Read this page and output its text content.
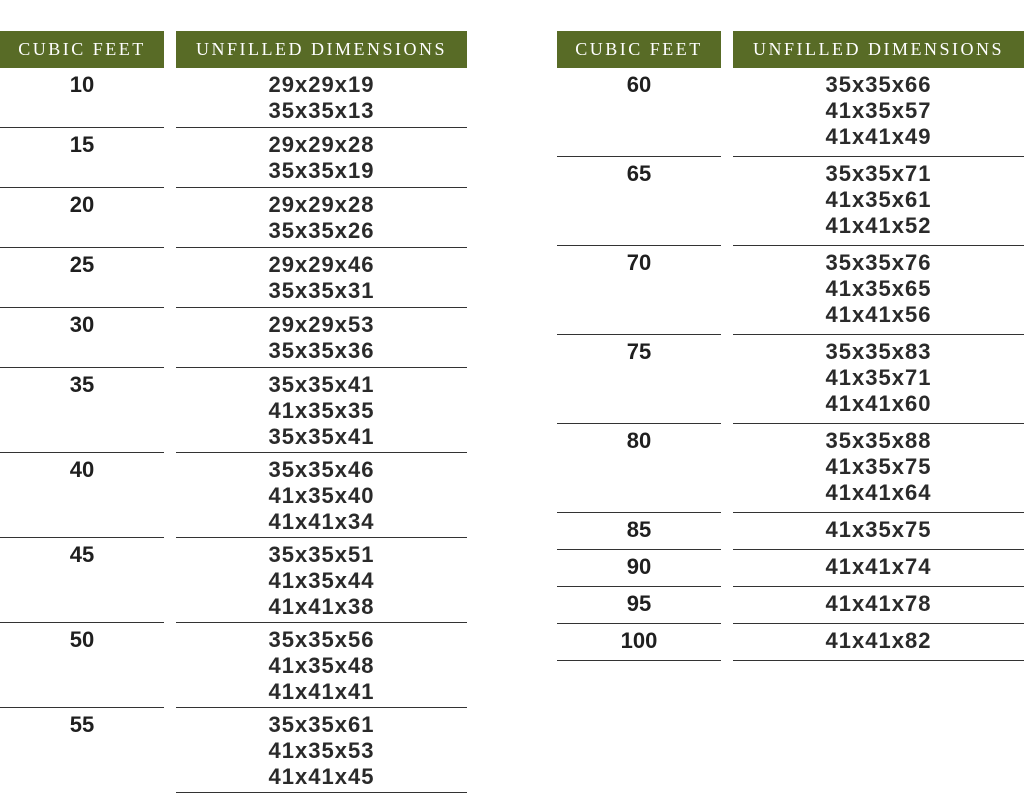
CUBIC FEET	UNFILLED DIMENSIONS
10	29x29x19
35x35x13
15	29x29x28
35x35x19
20	29x29x28
35x35x26
25	29x29x46
35x35x31
30	29x29x53
35x35x36
35	35x35x41
41x35x35
35x35x41
40	35x35x46
41x35x40
41x41x34
45	35x35x51
41x35x44
41x41x38
50	35x35x56
41x35x48
41x41x41
55	35x35x61
41x35x53
41x41x45
CUBIC FEET	UNFILLED DIMENSIONS
60	35x35x66
41x35x57
41x41x49
65	35x35x71
41x35x61
41x41x52
70	35x35x76
41x35x65
41x41x56
75	35x35x83
41x35x71
41x41x60
80	35x35x88
41x35x75
41x41x64
85	41x35x75
90	41x41x74
95	41x41x78
100	41x41x82
